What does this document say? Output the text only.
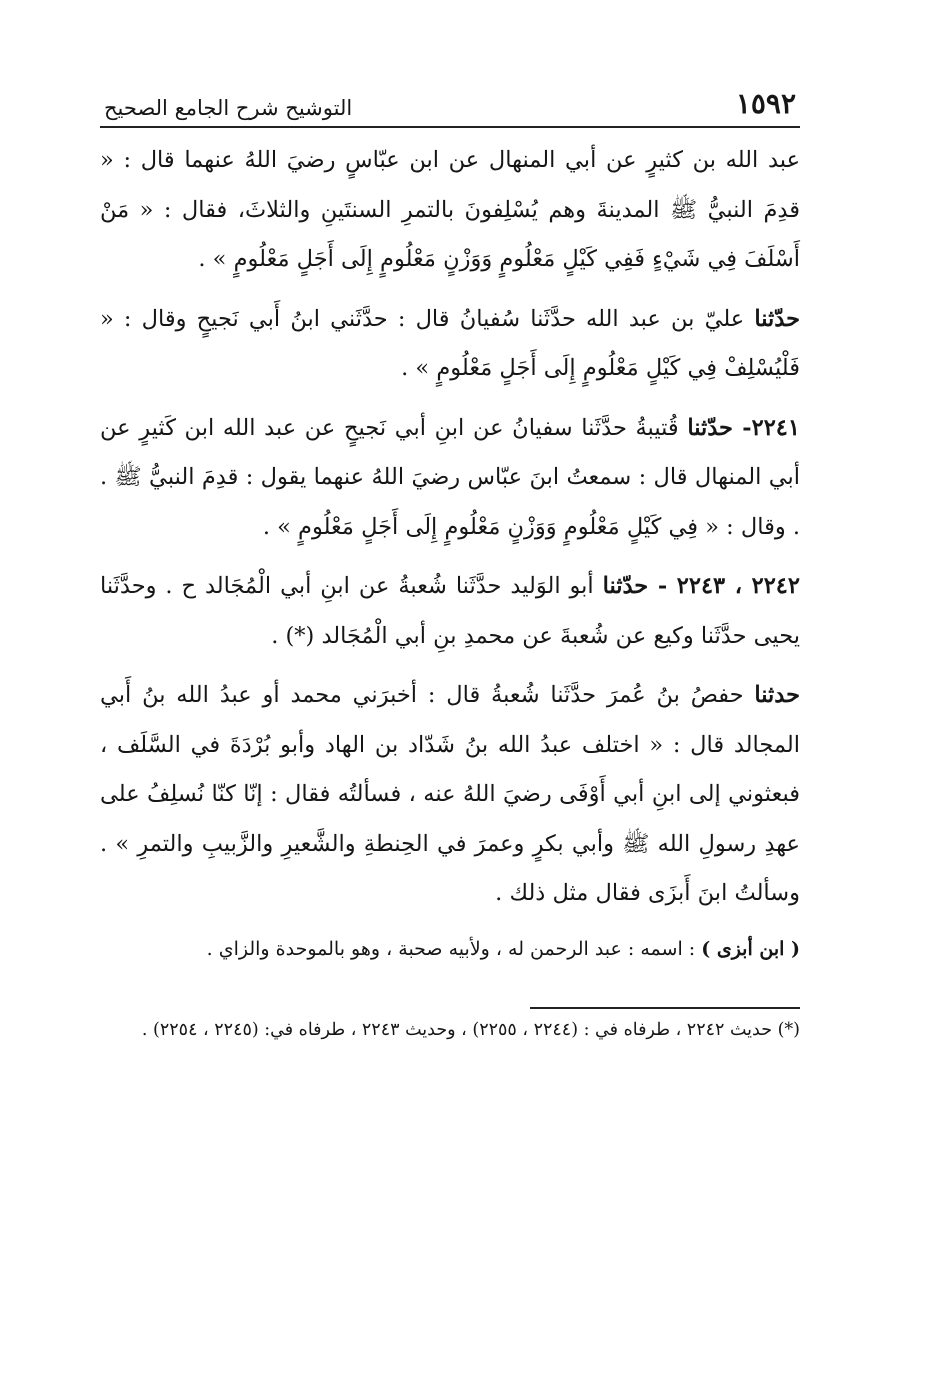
١٥٩٢
التوشيح شرح الجامع الصحيح

عبد الله بن كثيرٍ عن أبي المنهال عن ابن عبّاسٍ رضيَ اللهُ عنهما قال : « قدِمَ النبيُّ ﷺ المدينةَ وهم يُسْلِفونَ بالتمرِ السنتَينِ والثلاثَ، فقال : « مَنْ أَسْلَفَ فِي شَيْءٍ فَفِي كَيْلٍ مَعْلُومٍ وَوَزْنٍ مَعْلُومٍ إِلَى أَجَلٍ مَعْلُومٍ » .

حدّثنا عليّ بن عبد الله حدَّثَنا سُفيانُ قال : حدَّثَني ابنُ أَبي نَجيحٍ وقال : « فَلْيُسْلِفْ فِي كَيْلٍ مَعْلُومٍ إِلَى أَجَلٍ مَعْلُومٍ » .

٢٢٤١- حدّثنا قُتيبةُ حدَّثَنا سفيانُ عن ابنِ أبي نَجيحٍ عن عبد الله ابن كَثيرٍ عن أبي المنهال قال : سمعتُ ابنَ عبّاس رضيَ اللهُ عنهما يقول : قدِمَ النبيُّ ﷺ . . وقال : « فِي كَيْلٍ مَعْلُومٍ وَوَزْنٍ مَعْلُومٍ إِلَى أَجَلٍ مَعْلُومٍ » .

٢٢٤٢ ، ٢٢٤٣ - حدّثنا أبو الوَليد حدَّثَنا شُعبةُ عن ابنِ أبي الْمُجَالد ح . وحدَّثَنا يحيى حدَّثَنا وكيع عن شُعبةَ عن محمدِ بنِ أبي الْمُجَالد (*) .

حدثنا حفصُ بنُ عُمرَ حدَّثَنا شُعبةُ قال : أخبرَني محمد أو عبدُ الله بنُ أَبي المجالد قال : « اختلف عبدُ الله بنُ شَدّاد بن الهاد وأبو بُرْدَةَ في السَّلَف ، فبعثوني إلى ابنِ أبي أَوْفَى رضيَ اللهُ عنه ، فسألتُه فقال : إنّا كنّا نُسلِفُ على عهدِ رسولِ الله ﷺ وأبي بكرٍ وعمرَ في الحِنطةِ والشَّعيرِ والزَّبيبِ والتمرِ » . وسألتُ ابنَ أَبزَى فقال مثل ذلك .

( ابن أبزى ) : اسمه : عبد الرحمن له ، ولأبيه صحبة ، وهو بالموحدة والزاي .

(*) حديث ٢٢٤٢ ، طرفاه في : (٢٢٤٤ ، ٢٢٥٥) ، وحديث ٢٢٤٣ ، طرفاه في: (٢٢٤٥ ، ٢٢٥٤) .
